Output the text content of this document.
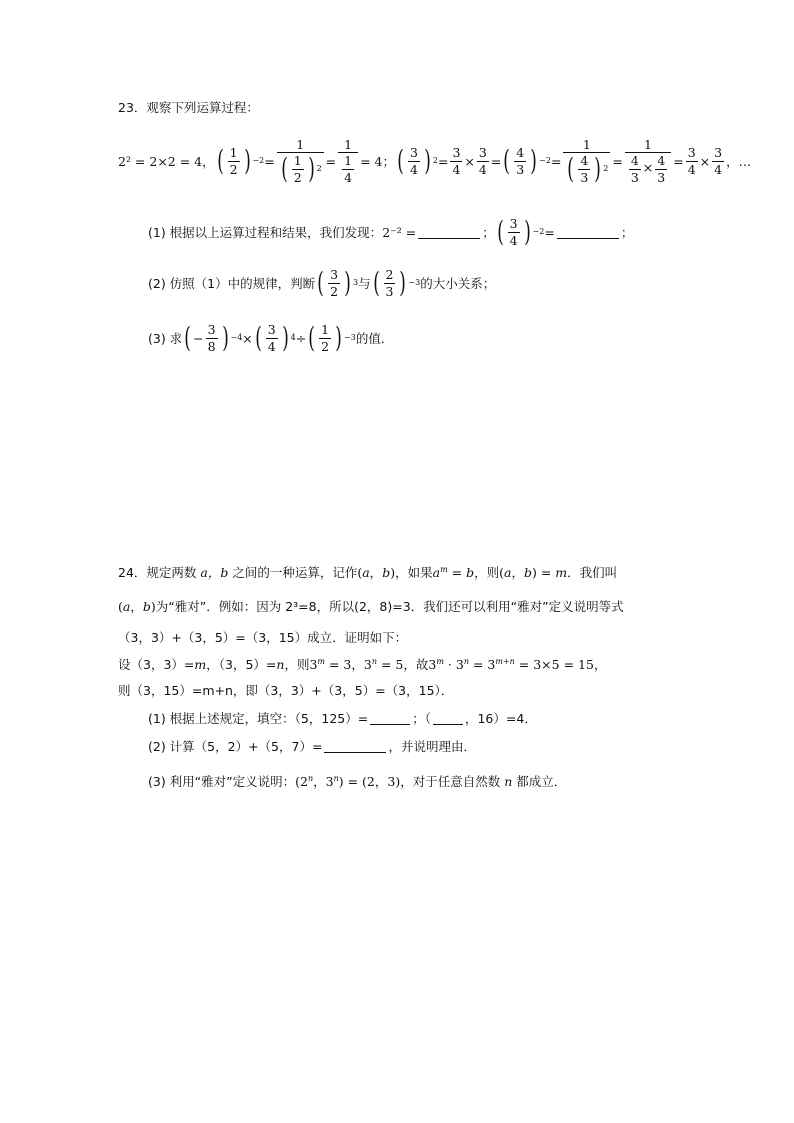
23．观察下列运算过程：
2² = 2×2 = 4， ( $\frac{1}{2}$ ) $-2 = \frac{1}{( \frac{1}{2} ) 2} = \frac{1}{\frac{1}{4}} = 4$ ； ( $\frac{3}{4}$ ) $2 = \frac{3}{4} \times \frac{3}{4}$ = ( $\frac{4}{3}$ ) $-2 = \frac{1}{( \frac{4}{3} ) 2} = \frac{1}{\frac{4}{3} \times \frac{4}{3}} = \frac{3}{4} \times \frac{3}{4}$ ，…
(1) 根据以上运算过程和结果，我们发现： 2⁻² =	； ( $\frac{3}{4}$ ) −2 =	；
(2) 仿照（1）中的规律，判断 ( $\frac{3}{2}$ ) 3 与 ( $\frac{2}{3}$ ) −3 的大小关系；
(3) 求 ( − $\frac{3}{8}$ ) −4 × ( $\frac{3}{4}$ ) 4 ÷ ( $\frac{1}{2}$ ) −3 的值．
24．规定两数 a，b 之间的一种运算，记作 (a，b) ，如果 $a^m = b$ ，则 (a，b) = m ．我们叫
(a，b) 为“雅对”．例如：因为 2³=8，所以(2，8)=3．我们还可以利用“雅对”定义说明等式
（3，3）+（3，5）=（3，15）成立．证明如下：
设（3，3）= m ，（3，5）= n ，则 $3^m = 3$，$3^n = 5$ ，故 $3^m \cdot 3^n = 3^{m+n} = 3\times 5 = 15$ ，
则（3，15）=m+n，即（3，3）+（3，5）=（3，15）．
(1) 根据上述规定，填空：（5，125）=	；（	，16）=4．
(2) 计算（5，2）+（5，7）=	，并说明理由．
(3) 利用“雅对”定义说明： (2$^n$，$3^n) = (2$，3) ，对于任意自然数 n 都成立．
